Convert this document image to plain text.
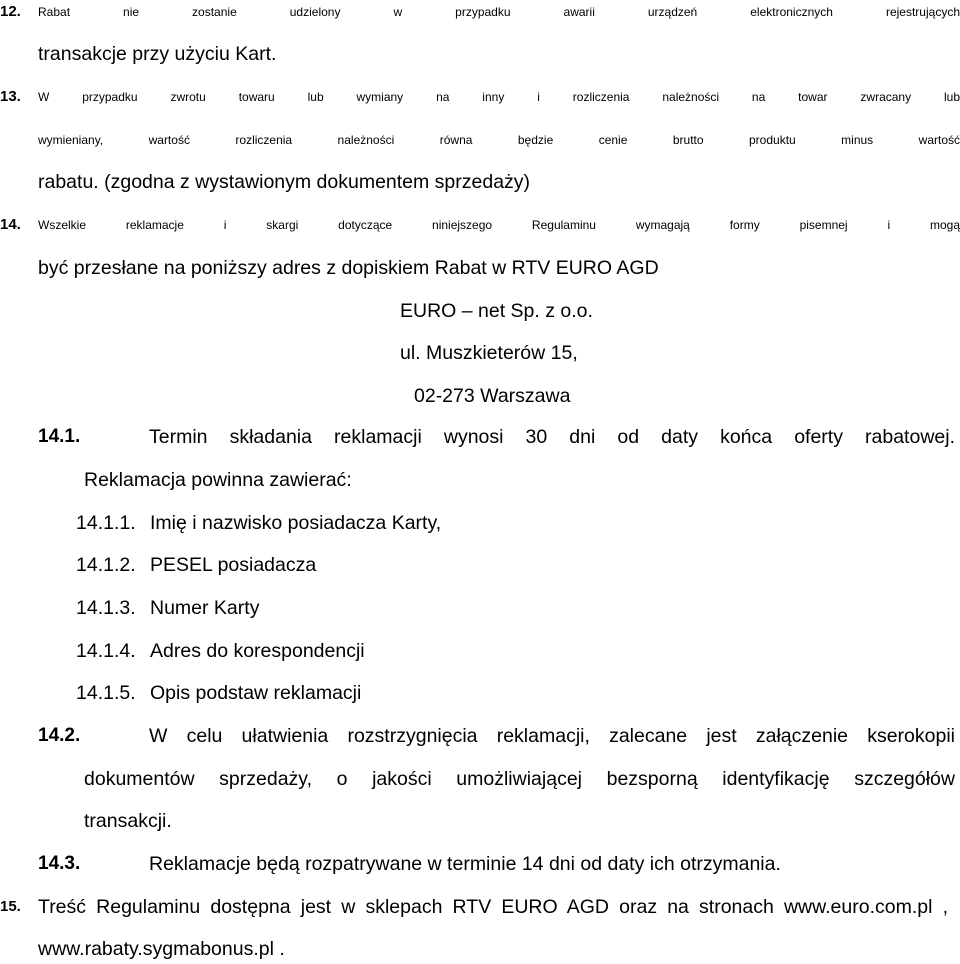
12. Rabat nie zostanie udzielony w przypadku awarii urządzeń elektronicznych rejestrujących
transakcje przy użyciu Kart.
13. W przypadku zwrotu towaru lub wymiany na inny i rozliczenia należności na towar zwracany lub
wymieniany, wartość rozliczenia należności równa będzie cenie brutto produktu minus wartość
rabatu. (zgodna z wystawionym dokumentem sprzedaży)
14. Wszelkie reklamacje i skargi dotyczące niniejszego Regulaminu wymagają formy pisemnej i mogą
być przesłane na poniższy adres z dopiskiem Rabat w RTV EURO AGD
EURO – net Sp. z o.o.
ul. Muszkieterów 15,
02-273 Warszawa
14.1.	Termin składania reklamacji wynosi 30 dni od daty końca oferty rabatowej.
Reklamacja powinna zawierać:
14.1.1. Imię i nazwisko posiadacza Karty,
14.1.2. PESEL posiadacza
14.1.3. Numer Karty
14.1.4. Adres do korespondencji
14.1.5. Opis podstaw reklamacji
14.2.	W celu ułatwienia rozstrzygnięcia reklamacji, zalecane jest załączenie kserokopii
dokumentów sprzedaży, o jakości umożliwiającej bezsporną identyfikację szczegółów
transakcji.
14.3.	Reklamacje będą rozpatrywane w terminie 14 dni od daty ich otrzymania.
15. Treść Regulaminu dostępna jest w sklepach RTV EURO AGD oraz na stronach www.euro.com.pl ,
www.rabaty.sygmabonus.pl .
